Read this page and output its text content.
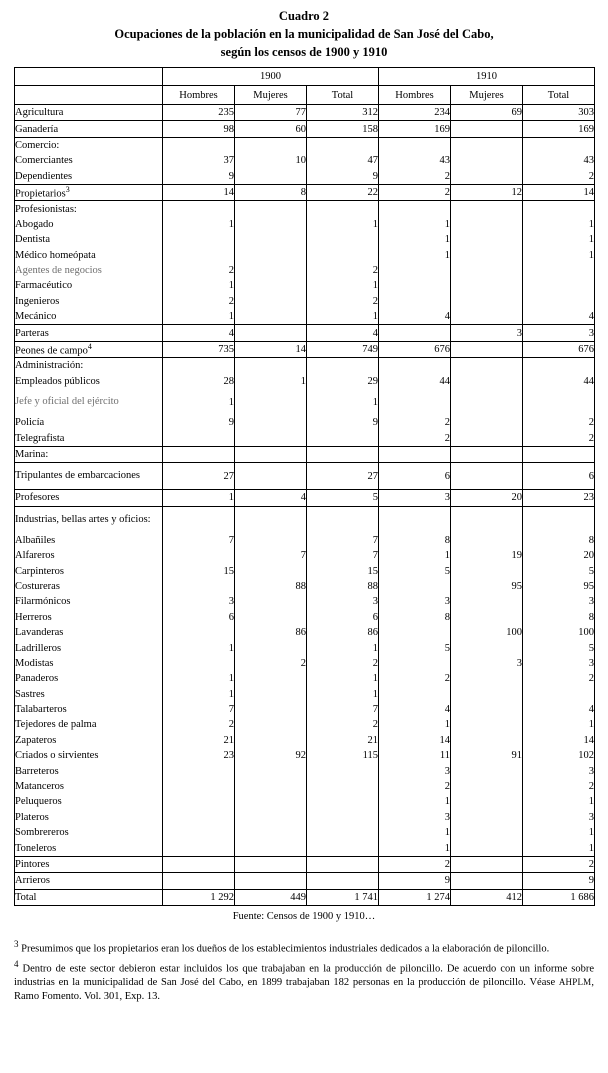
Cuadro 2
Ocupaciones de la población en la municipalidad de San José del Cabo,
según los censos de 1900 y 1910
	1900			1910		
	Hombres	Mujeres	Total	Hombres	Mujeres	Total
Agricultura	235	77	312	234	69	303
Ganadería	98	60	158	169		169
Comercio:						
Comerciantes	37	10	47	43		43
Dependientes	9		9	2		2
Propietarios$^3$	14	8	22	2	12	14
Profesionistas:						
Abogado	1		1	1		1
Dentista				1		1
Médico homeópata				1		1
Agentes de negocios	2		2			
Farmacéutico	1		1			
Ingenieros	2		2			
Mecánico	1		1	4		4
Parteras	4		4		3	3
Peones de campo$^4$	735	14	749	676		676
Administración:						
Empleados públicos	28	1	29	44		44
Jefe y oficial del ejército	1		1			
Policía	9		9	2		2
Telegrafista				2		2
Marina:						
Tripulantes de embarcaciones	27		27	6		6
Profesores	1	4	5	3	20	23
Industrias, bellas artes y oficios:						
Albañiles	7		7	8		8
Alfareros		7	7	1	19	20
Carpinteros	15		15	5		5
Costureras		88	88		95	95
Filarmónicos	3		3	3		3
Herreros	6		6	8		8
Lavanderas		86	86		100	100
Ladrilleros	1		1	5		5
Modistas		2	2		3	3
Panaderos	1		1	2		2
Sastres	1		1			
Talabarteros	7		7	4		4
Tejedores de palma	2		2	1		1
Zapateros	21		21	14		14
Criados o sirvientes	23	92	115	11	91	102
Barreteros				3		3
Matanceros				2		2
Peluqueros				1		1
Plateros				3		3
Sombrereros				1		1
Toneleros				1		1
Pintores				2		2
Arrieros				9		9
Total	1 292	449	1 741	1 274	412	1 686
Fuente: Censos de 1900 y 1910…

3 Presumimos que los propietarios eran los dueños de los establecimientos industriales dedicados a la elaboración de piloncillo.

4 Dentro de este sector debieron estar incluidos los que trabajaban en la producción de piloncillo. De acuerdo con un informe sobre industrias en la municipalidad de San José del Cabo, en 1899 trabajaban 182 personas en la producción de piloncillo. Véase AHPLM, Ramo Fomento. Vol. 301, Exp. 13.
